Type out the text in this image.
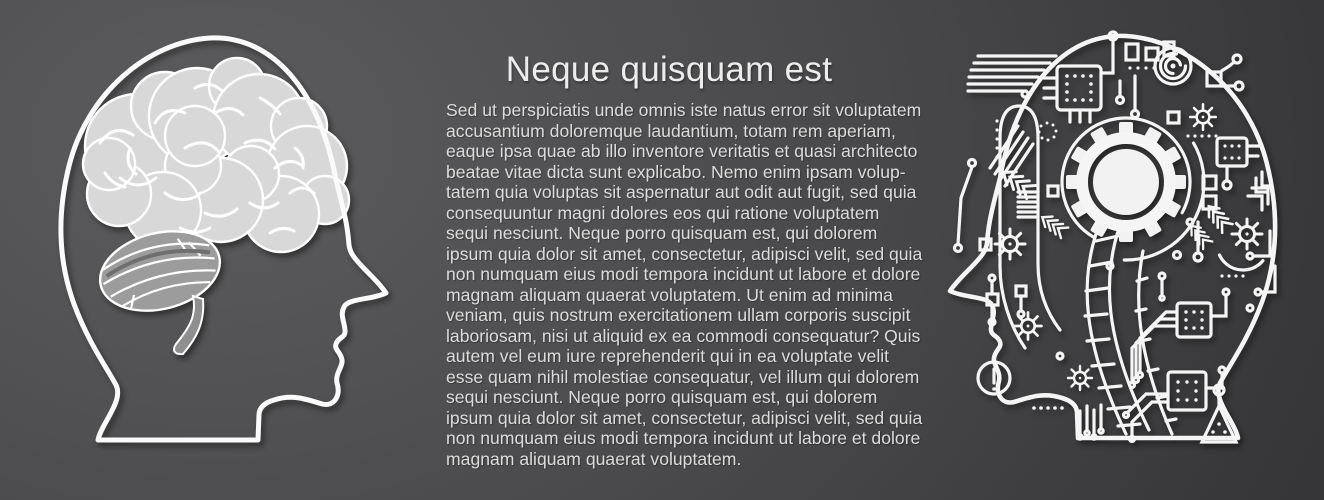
Neque quisquam est
Sed ut perspiciatis unde omnis iste natus error sit voluptatem
accusantium doloremque laudantium, totam rem aperiam,
eaque ipsa quae ab illo inventore veritatis et quasi architecto
beatae vitae dicta sunt explicabo. Nemo enim ipsam volup-
tatem quia voluptas sit aspernatur aut odit aut fugit, sed quia
consequuntur magni dolores eos qui ratione voluptatem
sequi nesciunt. Neque porro quisquam est, qui dolorem
ipsum quia dolor sit amet, consectetur, adipisci velit, sed quia
non numquam eius modi tempora incidunt ut labore et dolore
magnam aliquam quaerat voluptatem. Ut enim ad minima
veniam, quis nostrum exercitationem ullam corporis suscipit
laboriosam, nisi ut aliquid ex ea commodi consequatur? Quis
autem vel eum iure reprehenderit qui in ea voluptate velit
esse quam nihil molestiae consequatur, vel illum qui dolorem
sequi nesciunt. Neque porro quisquam est, qui dolorem
ipsum quia dolor sit amet, consectetur, adipisci velit, sed quia
non numquam eius modi tempora incidunt ut labore et dolore
magnam aliquam quaerat voluptatem.
